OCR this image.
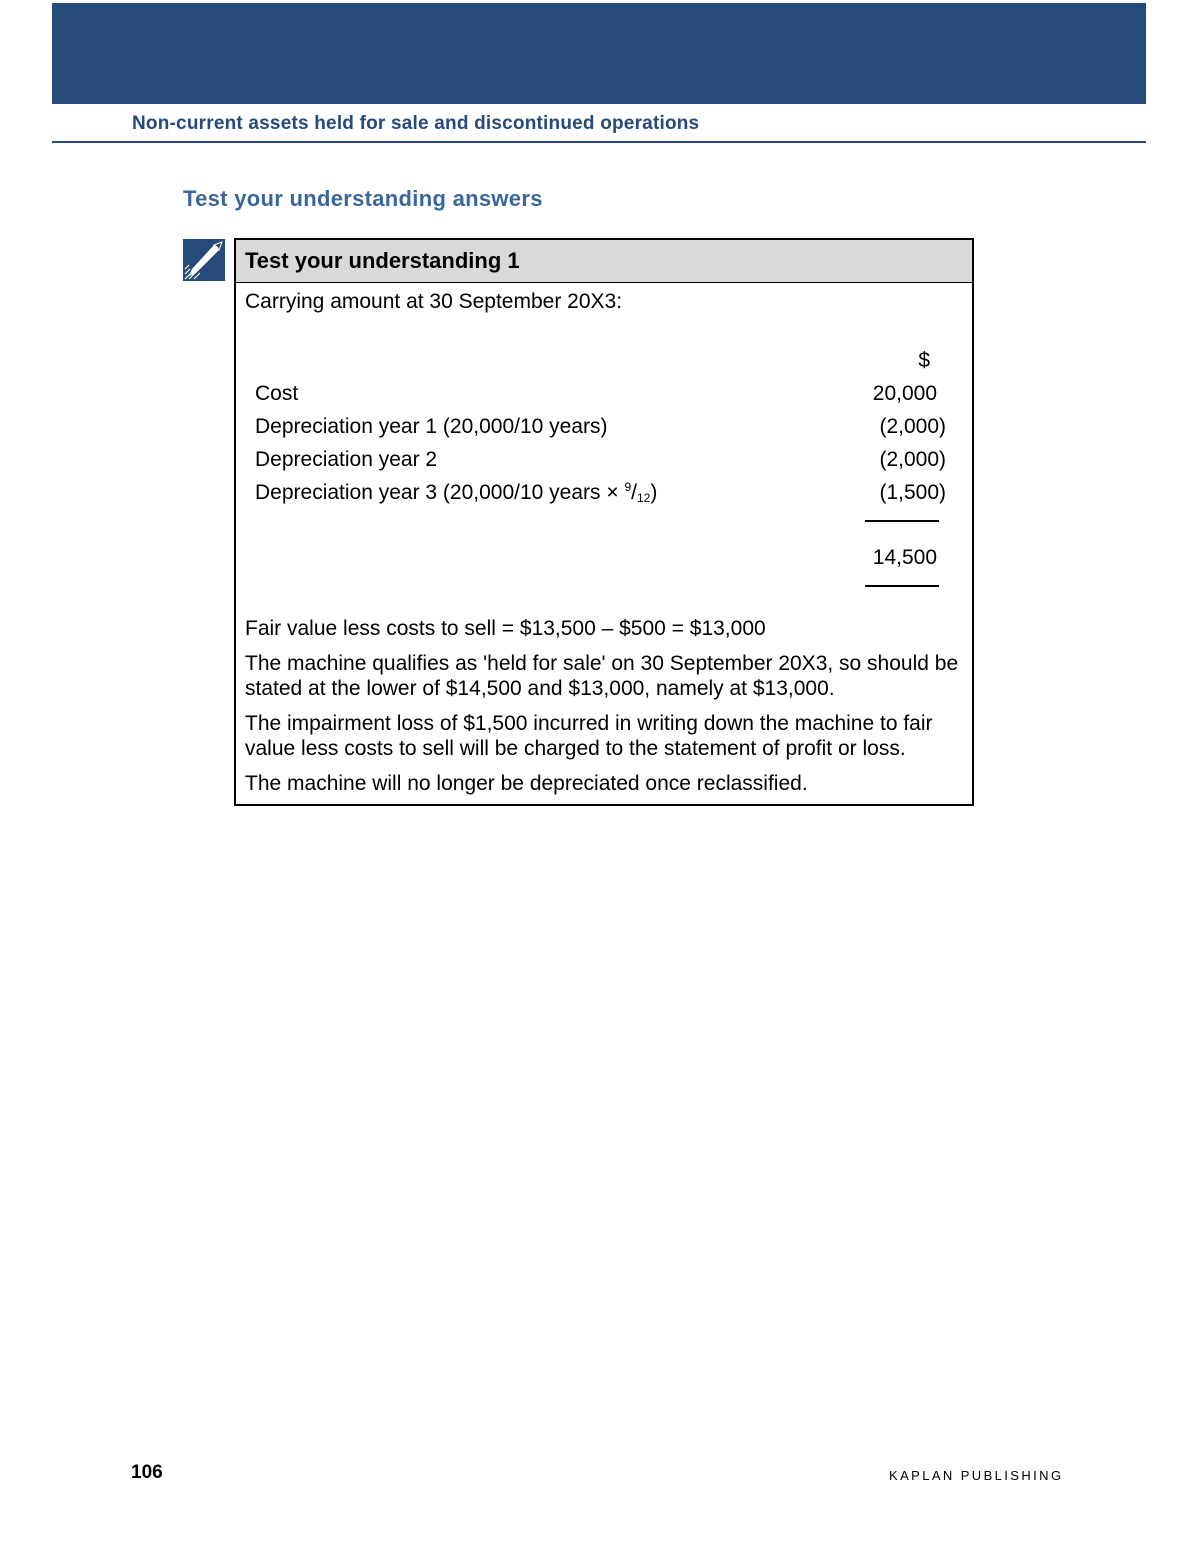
Non-current assets held for sale and discontinued operations
Test your understanding answers
Test your understanding 1

Carrying amount at 30 September 20X3:

$
Cost	20,000
Depreciation year 1 (20,000/10 years)	(2,000)
Depreciation year 2	(2,000)
Depreciation year 3 (20,000/10 years × $^9/_{12}$)	(1,500)
14,500

Fair value less costs to sell = $13,500 – $500 = $13,000

The machine qualifies as 'held for sale' on 30 September 20X3, so should be stated at the lower of $14,500 and $13,000, namely at $13,000.

The impairment loss of $1,500 incurred in writing down the machine to fair value less costs to sell will be charged to the statement of profit or loss.

The machine will no longer be depreciated once reclassified.

106	KAPLAN PUBLISHING
